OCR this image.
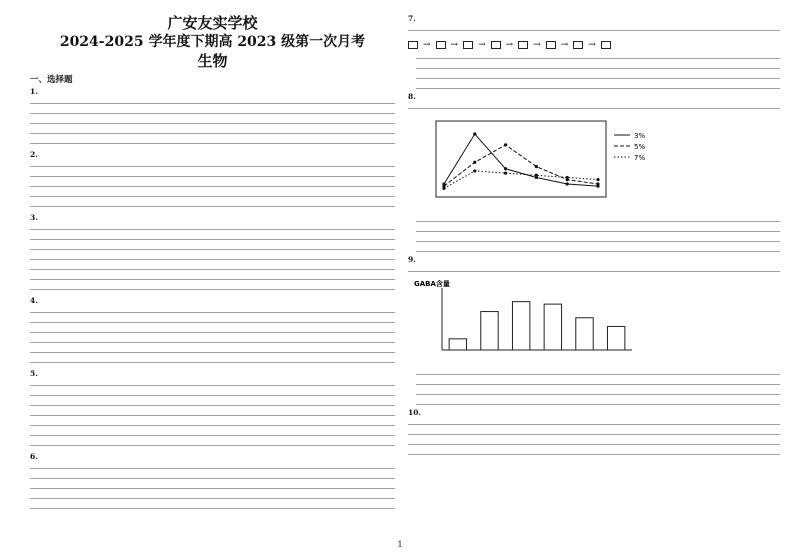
广安友实学校
2024-2025 学年度下期高 2023 级第一次月考
生物
一、选择题
1.
2.
3.
4.
5.
6.
7.
→ → → → → → →
8.
3%
5%
7%
9.
GABA含量
10.
1
